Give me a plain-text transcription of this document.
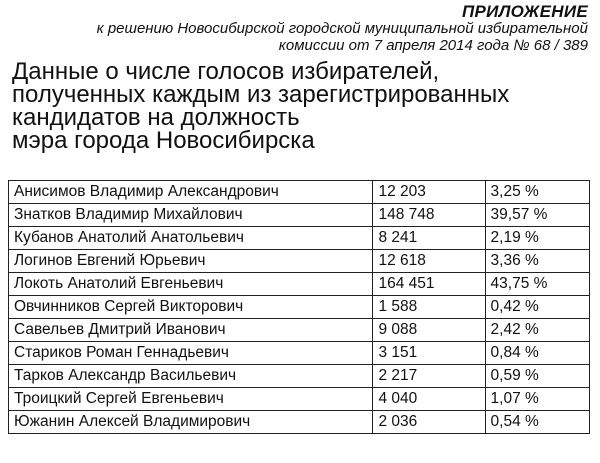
ПРИЛОЖЕНИЕ
к решению Новосибирской городской муниципальной избирательной
комиссии от 7 апреля 2014 года № 68 / 389
Данные о числе голосов избирателей,
полученных каждым из зарегистрированных
кандидатов на должность
мэра города Новосибирска
Анисимов Владимир Александрович	12 203	3,25 %
Знатков Владимир Михайлович	148 748	39,57 %
Кубанов Анатолий Анатольевич	8 241	2,19 %
Логинов Евгений Юрьевич	12 618	3,36 %
Локоть Анатолий Евгеньевич	164 451	43,75 %
Овчинников Сергей Викторович	1 588	0,42 %
Савельев Дмитрий Иванович	9 088	2,42 %
Стариков Роман Геннадьевич	3 151	0,84 %
Тарков Александр Васильевич	2 217	0,59 %
Троицкий Сергей Евгеньевич	4 040	1,07 %
Южанин Алексей Владимирович	2 036	0,54 %
